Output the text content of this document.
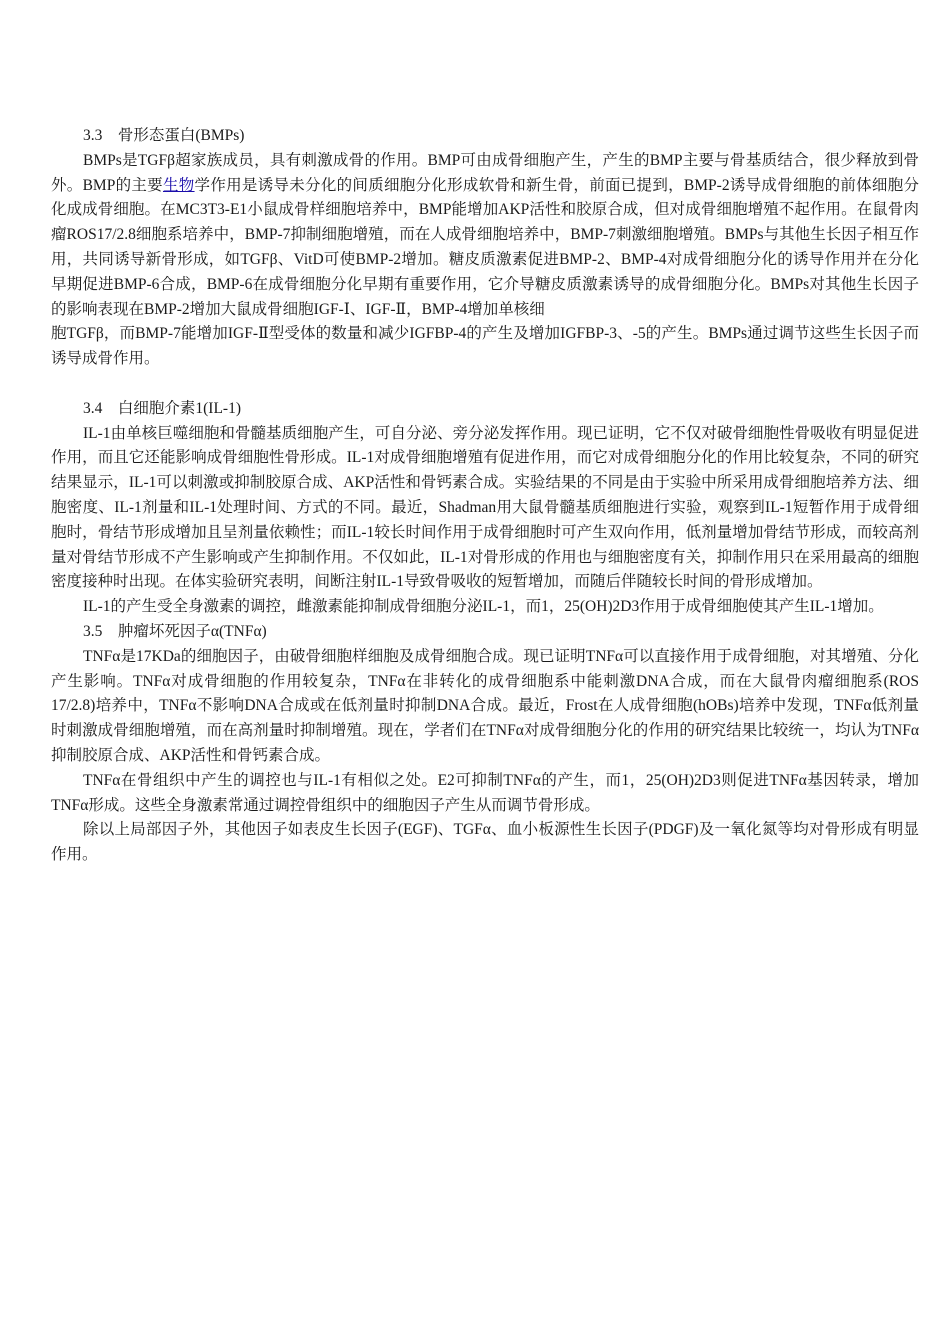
3.3　骨形态蛋白(BMPs)

BMPs是TGFβ超家族成员，具有刺激成骨的作用。BMP可由成骨细胞产生，产生的BMP主要与骨基质结合，很少释放到骨外。BMP的主要生物学作用是诱导未分化的间质细胞分化形成软骨和新生骨，前面已提到，BMP-2诱导成骨细胞的前体细胞分化成成骨细胞。在MC3T3-E1小鼠成骨样细胞培养中，BMP能增加AKP活性和胶原合成，但对成骨细胞增殖不起作用。在鼠骨肉瘤ROS17/2.8细胞系培养中，BMP-7抑制细胞增殖，而在人成骨细胞培养中，BMP-7刺激细胞增殖。BMPs与其他生长因子相互作用，共同诱导新骨形成，如TGFβ、VitD可使BMP-2增加。糖皮质激素促进BMP-2、BMP-4对成骨细胞分化的诱导作用并在分化早期促进BMP-6合成，BMP-6在成骨细胞分化早期有重要作用，它介导糖皮质激素诱导的成骨细胞分化。BMPs对其他生长因子的影响表现在BMP-2增加大鼠成骨细胞IGF-Ⅰ、IGF-Ⅱ，BMP-4增加单核细

胞TGFβ，而BMP-7能增加IGF-Ⅱ型受体的数量和减少IGFBP-4的产生及增加IGFBP-3、-5的产生。BMPs通过调节这些生长因子而诱导成骨作用。

3.4　白细胞介素1(IL-1)

IL-1由单核巨噬细胞和骨髓基质细胞产生，可自分泌、旁分泌发挥作用。现已证明，它不仅对破骨细胞性骨吸收有明显促进作用，而且它还能影响成骨细胞性骨形成。IL-1对成骨细胞增殖有促进作用，而它对成骨细胞分化的作用比较复杂，不同的研究结果显示，IL-1可以刺激或抑制胶原合成、AKP活性和骨钙素合成。实验结果的不同是由于实验中所采用成骨细胞培养方法、细胞密度、IL-1剂量和IL-1处理时间、方式的不同。最近，Shadman用大鼠骨髓基质细胞进行实验，观察到IL-1短暂作用于成骨细胞时，骨结节形成增加且呈剂量依赖性；而IL-1较长时间作用于成骨细胞时可产生双向作用，低剂量增加骨结节形成，而较高剂量对骨结节形成不产生影响或产生抑制作用。不仅如此，IL-1对骨形成的作用也与细胞密度有关，抑制作用只在采用最高的细胞密度接种时出现。在体实验研究表明，间断注射IL-1导致骨吸收的短暂增加，而随后伴随较长时间的骨形成增加。

IL-1的产生受全身激素的调控，雌激素能抑制成骨细胞分泌IL-1，而1，25(OH)2D3作用于成骨细胞使其产生IL-1增加。

3.5　肿瘤坏死因子α(TNFα)

TNFα是17KDa的细胞因子，由破骨细胞样细胞及成骨细胞合成。现已证明TNFα可以直接作用于成骨细胞，对其增殖、分化产生影响。TNFα对成骨细胞的作用较复杂，TNFα在非转化的成骨细胞系中能刺激DNA合成，而在大鼠骨肉瘤细胞系(ROS 17/2.8)培养中，TNFα不影响DNA合成或在低剂量时抑制DNA合成。最近，Frost在人成骨细胞(hOBs)培养中发现，TNFα低剂量时刺激成骨细胞增殖，而在高剂量时抑制增殖。现在，学者们在TNFα对成骨细胞分化的作用的研究结果比较统一，均认为TNFα抑制胶原合成、AKP活性和骨钙素合成。

TNFα在骨组织中产生的调控也与IL-1有相似之处。E2可抑制TNFα的产生，而1，25(OH)2D3则促进TNFα基因转录，增加TNFα形成。这些全身激素常通过调控骨组织中的细胞因子产生从而调节骨形成。

除以上局部因子外，其他因子如表皮生长因子(EGF)、TGFα、血小板源性生长因子(PDGF)及一氧化氮等均对骨形成有明显作用。
